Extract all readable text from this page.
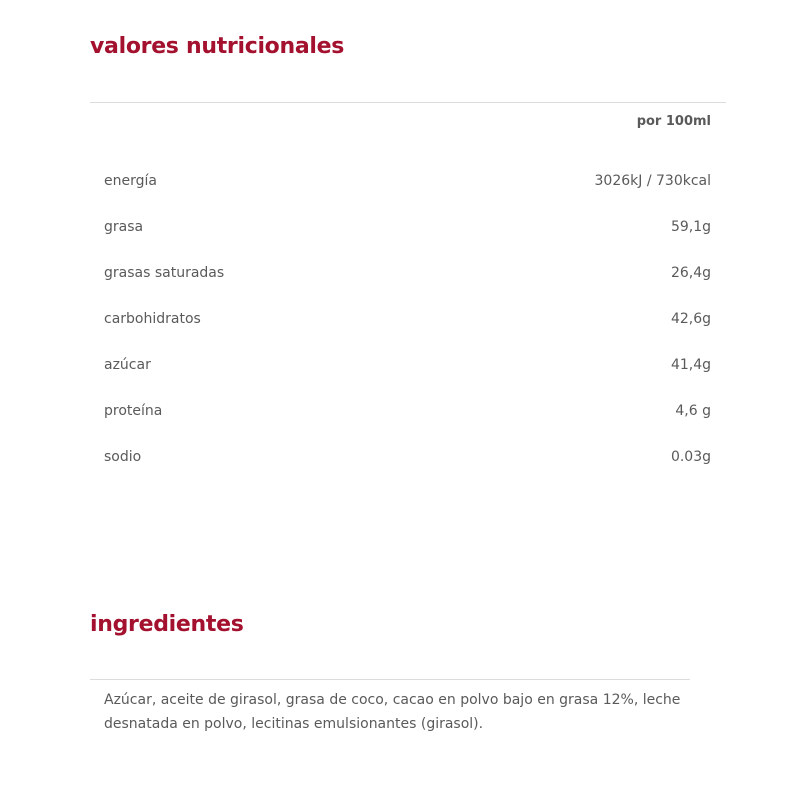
valores nutricionales
por 100ml
energía	3026kJ / 730kcal
grasa	59,1g
grasas saturadas	26,4g
carbohidratos	42,6g
azúcar	41,4g
proteína	4,6 g
sodio	0.03g
ingredientes

Azúcar, aceite de girasol, grasa de coco, cacao en polvo bajo en grasa 12%, leche desnatada en polvo, lecitinas emulsionantes (girasol).
